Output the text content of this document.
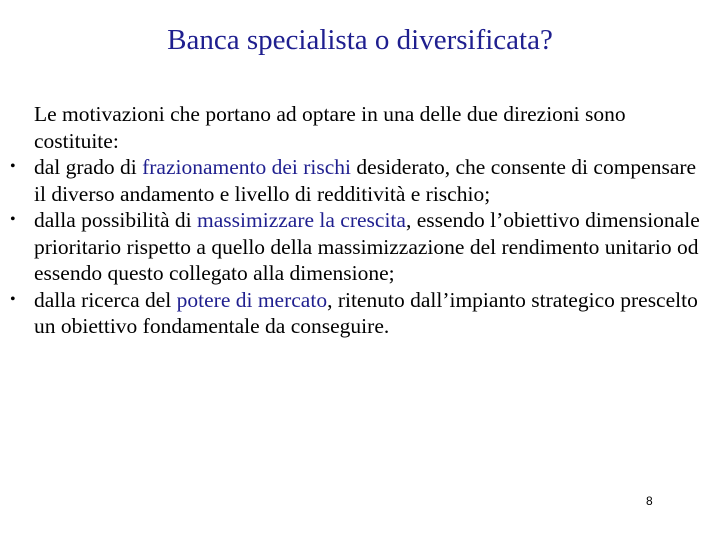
Banca specialista o diversificata?

Le motivazioni che portano ad optare in una delle due direzioni sono costituite:

• dal grado di frazionamento dei rischi desiderato, che consente di compensare il diverso andamento e livello di redditività e rischio;

• dalla possibilità di massimizzare la crescita, essendo l’obiettivo dimensionale prioritario rispetto a quello della massimizzazione del rendimento unitario od essendo questo collegato alla dimensione;

• dalla ricerca del potere di mercato, ritenuto dall’impianto strategico prescelto un obiettivo fondamentale da conseguire.

8
